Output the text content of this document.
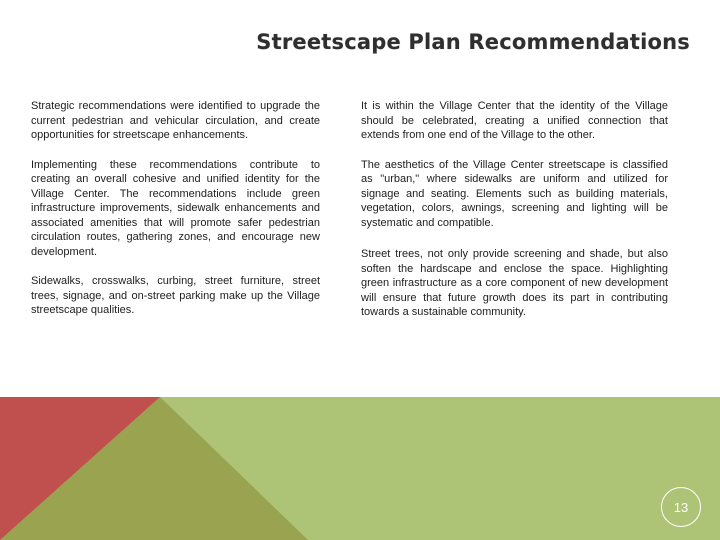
Streetscape Plan Recommendations

Strategic recommendations were identified to upgrade the current pedestrian and vehicular circulation, and create opportunities for streetscape enhancements.

Implementing these recommendations contribute to creating an overall cohesive and unified identity for the Village Center. The recommendations include green infrastructure improvements, sidewalk enhancements and associated amenities that will promote safer pedestrian circulation routes, gathering zones, and encourage new development.

Sidewalks, crosswalks, curbing, street furniture, street trees, signage, and on-street parking make up the Village streetscape qualities.

It is within the Village Center that the identity of the Village should be celebrated, creating a unified connection that extends from one end of the Village to the other.

The aesthetics of the Village Center streetscape is classified as "urban," where sidewalks are uniform and utilized for signage and seating. Elements such as building materials, vegetation, colors, awnings, screening and lighting will be systematic and compatible.

Street trees, not only provide screening and shade, but also soften the hardscape and enclose the space. Highlighting green infrastructure as a core component of new development will ensure that future growth does its part in contributing towards a sustainable community.

13
